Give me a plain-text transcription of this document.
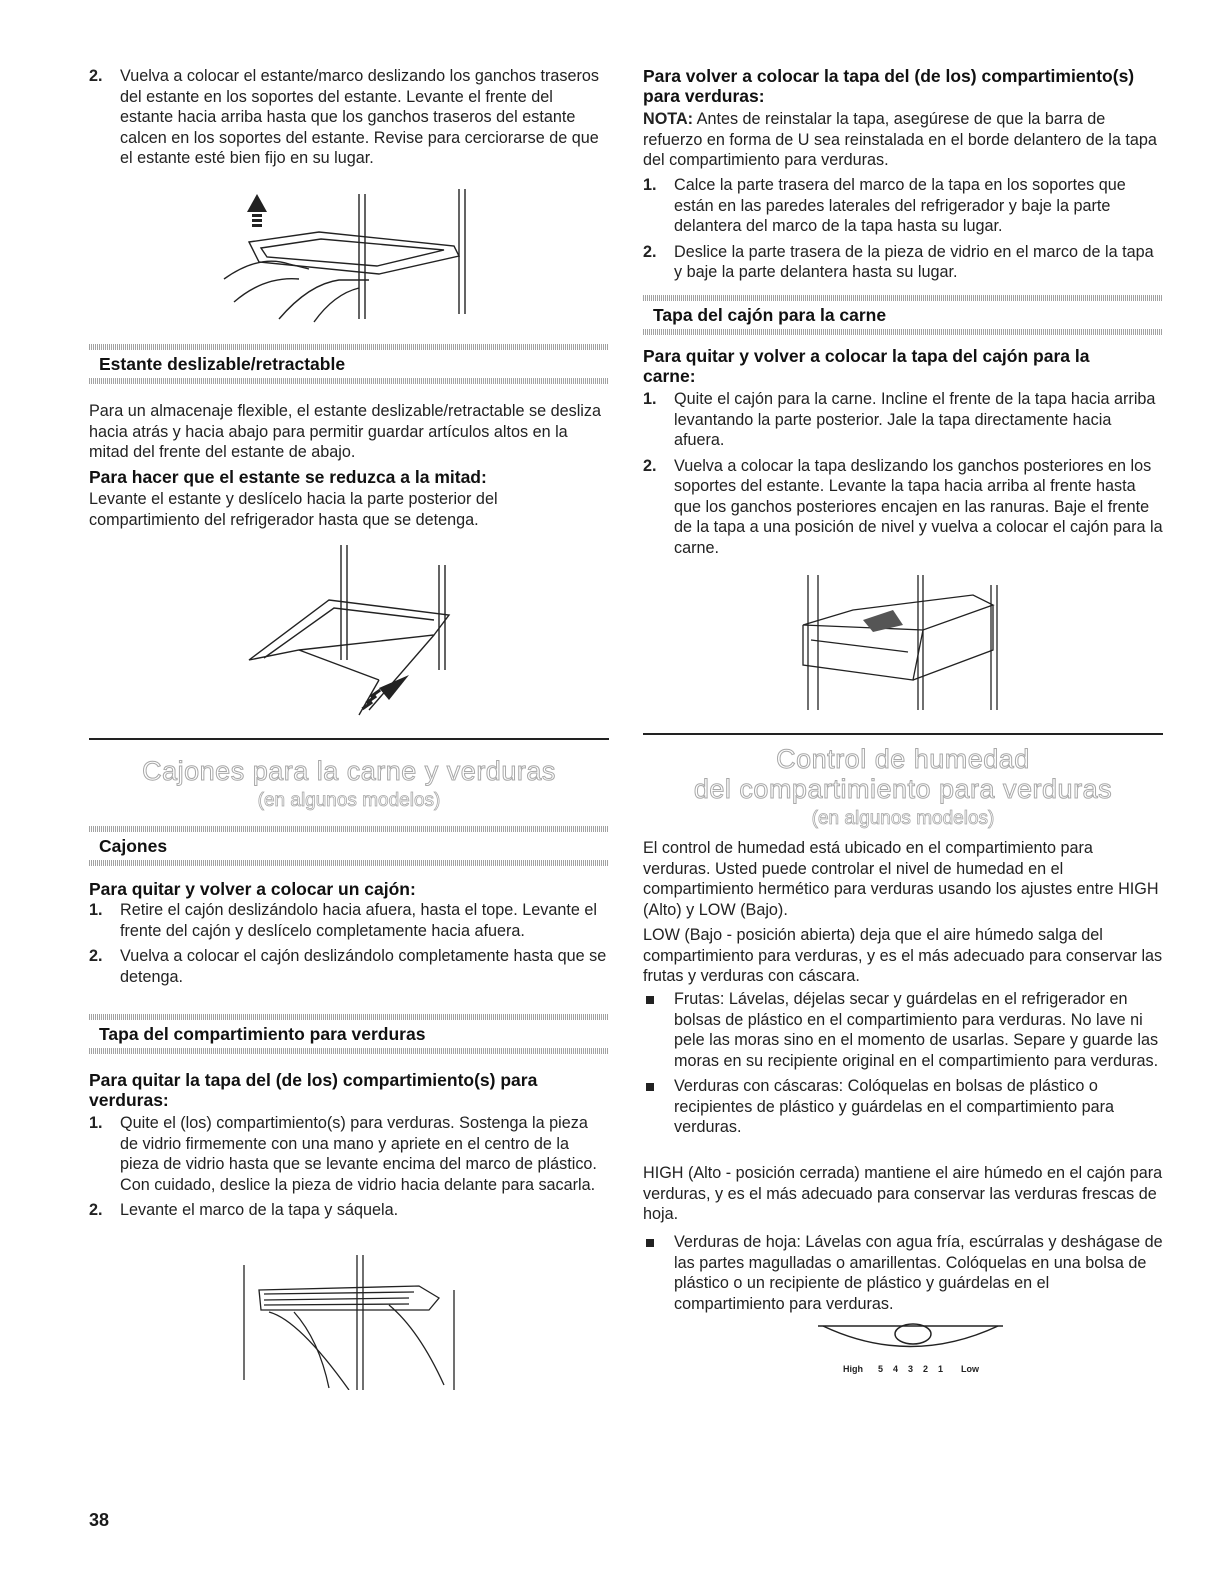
2. Vuelva a colocar el estante/marco deslizando los ganchos traseros del estante en los soportes del estante. Levante el frente del estante hacia arriba hasta que los ganchos traseros del estante calcen en los soportes del estante. Revise para cerciorarse de que el estante esté bien fijo en su lugar.

Estante deslizable/retractable

Para un almacenaje flexible, el estante deslizable/retractable se desliza hacia atrás y hacia abajo para permitir guardar artículos altos en la mitad del frente del estante de abajo.

Para hacer que el estante se reduzca a la mitad:

Levante el estante y deslícelo hacia la parte posterior del compartimiento del refrigerador hasta que se detenga.

Cajones para la carne y verduras
(en algunos modelos)
Cajones

Para quitar y volver a colocar un cajón:

1. Retire el cajón deslizándolo hacia afuera, hasta el tope. Levante el frente del cajón y deslícelo completamente hacia afuera.

2. Vuelva a colocar el cajón deslizándolo completamente hasta que se detenga.

Tapa del compartimiento para verduras

Para quitar la tapa del (de los) compartimiento(s) para verduras:

1. Quite el (los) compartimiento(s) para verduras. Sostenga la pieza de vidrio firmemente con una mano y apriete en el centro de la pieza de vidrio hasta que se levante encima del marco de plástico. Con cuidado, deslice la pieza de vidrio hacia delante para sacarla.

2. Levante el marco de la tapa y sáquela.

Para volver a colocar la tapa del (de los) compartimiento(s) para verduras:

NOTA: Antes de reinstalar la tapa, asegúrese de que la barra de refuerzo en forma de U sea reinstalada en el borde delantero de la tapa del compartimiento para verduras.

1. Calce la parte trasera del marco de la tapa en los soportes que están en las paredes laterales del refrigerador y baje la parte delantera del marco de la tapa hasta su lugar.

2. Deslice la parte trasera de la pieza de vidrio en el marco de la tapa y baje la parte delantera hasta su lugar.

Tapa del cajón para la carne

Para quitar y volver a colocar la tapa del cajón para la carne:

1. Quite el cajón para la carne. Incline el frente de la tapa hacia arriba levantando la parte posterior. Jale la tapa directamente hacia afuera.

2. Vuelva a colocar la tapa deslizando los ganchos posteriores en los soportes del estante. Levante la tapa hacia arriba al frente hasta que los ganchos posteriores encajen en las ranuras. Baje el frente de la tapa a una posición de nivel y vuelva a colocar el cajón para la carne.

Control de humedad
del compartimiento para verduras
(en algunos modelos)

El control de humedad está ubicado en el compartimiento para verduras. Usted puede controlar el nivel de humedad en el compartimiento hermético para verduras usando los ajustes entre HIGH (Alto) y LOW (Bajo).

LOW (Bajo - posición abierta) deja que el aire húmedo salga del compartimiento para verduras, y es el más adecuado para conservar las frutas y verduras con cáscara.

Frutas: Lávelas, déjelas secar y guárdelas en el refrigerador en bolsas de plástico en el compartimiento para verduras. No lave ni pele las moras sino en el momento de usarlas. Separe y guarde las moras en su recipiente original en el compartimiento para verduras.

Verduras con cáscaras: Colóquelas en bolsas de plástico o recipientes de plástico y guárdelas en el compartimiento para verduras.

HIGH (Alto - posición cerrada) mantiene el aire húmedo en el cajón para verduras, y es el más adecuado para conservar las verduras frescas de hoja.

Verduras de hoja: Lávelas con agua fría, escúrralas y deshágase de las partes magulladas o amarillentas. Colóquelas en una bolsa de plástico o un recipiente de plástico y guárdelas en el compartimiento para verduras.

High 5 4 3 2 1 Low
38
